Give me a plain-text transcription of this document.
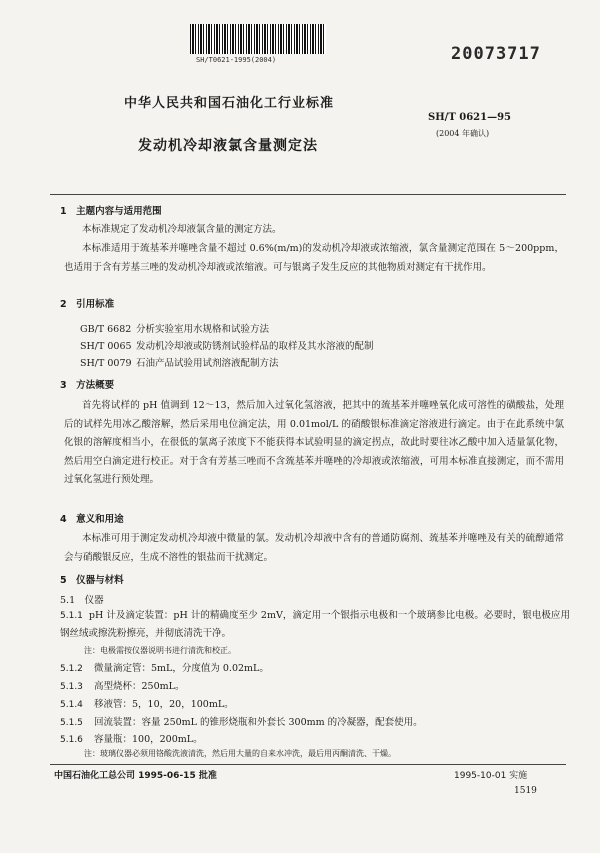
SH/T0621-1995(2004)	20073717
中华人民共和国石油化工行业标准
SH/T 0621—95
(2004 年确认)
发动机冷却液氯含量测定法
1　主题内容与适用范围
本标准规定了发动机冷却液氯含量的测定方法。
本标准适用于巯基苯并噻唑含量不超过 0.6%(m/m)的发动机冷却液或浓缩液，氯含量测定范围在 5～200ppm，也适用于含有芳基三唑的发动机冷却液或浓缩液。可与银离子发生反应的其他物质对测定有干扰作用。
2　引用标准
GB/T 6682 分析实验室用水规格和试验方法
SH/T 0065 发动机冷却液或防锈剂试验样品的取样及其水溶液的配制
SH/T 0079 石油产品试验用试剂溶液配制方法
3　方法概要
首先将试样的 pH 值调到 12～13，然后加入过氧化氢溶液，把其中的巯基苯并噻唑氧化成可溶性的磺酸盐，处理后的试样先用冰乙酸溶解，然后采用电位滴定法，用 0.01mol/L 的硝酸银标准滴定溶液进行滴定。由于在此系统中氯化银的溶解度相当小，在很低的氯离子浓度下不能获得本试验明显的滴定拐点，故此时要往冰乙酸中加入适量氯化物，然后用空白滴定进行校正。对于含有芳基三唑而不含巯基苯并噻唑的冷却液或浓缩液，可用本标准直接测定，而不需用过氧化氢进行预处理。
4　意义和用途
本标准可用于测定发动机冷却液中微量的氯。发动机冷却液中含有的普通防腐剂、巯基苯并噻唑及有关的硫醇通常会与硝酸银反应，生成不溶性的银盐而干扰测定。
5　仪器与材料
5.1　仪器
5.1.1 pH 计及滴定装置：pH 计的精确度至少 2mV，滴定用一个银指示电极和一个玻璃参比电极。必要时，银电极应用钢丝绒或擦洗粉擦亮，并彻底清洗干净。
注：电极需按仪器说明书进行清洗和校正。
5.1.2 微量滴定管：5mL，分度值为 0.02mL。
5.1.3 高型烧杯：250mL。
5.1.4 移液管：5，10，20，100mL。
5.1.5 回流装置：容量 250mL 的锥形烧瓶和外套长 300mm 的冷凝器，配套使用。
5.1.6 容量瓶：100，200mL。
注：玻璃仪器必须用铬酸洗液清洗，然后用大量的自来水冲洗，最后用丙酮清洗、干燥。
中国石油化工总公司 1995-06-15 批准	1995-10-01 实施
1519
